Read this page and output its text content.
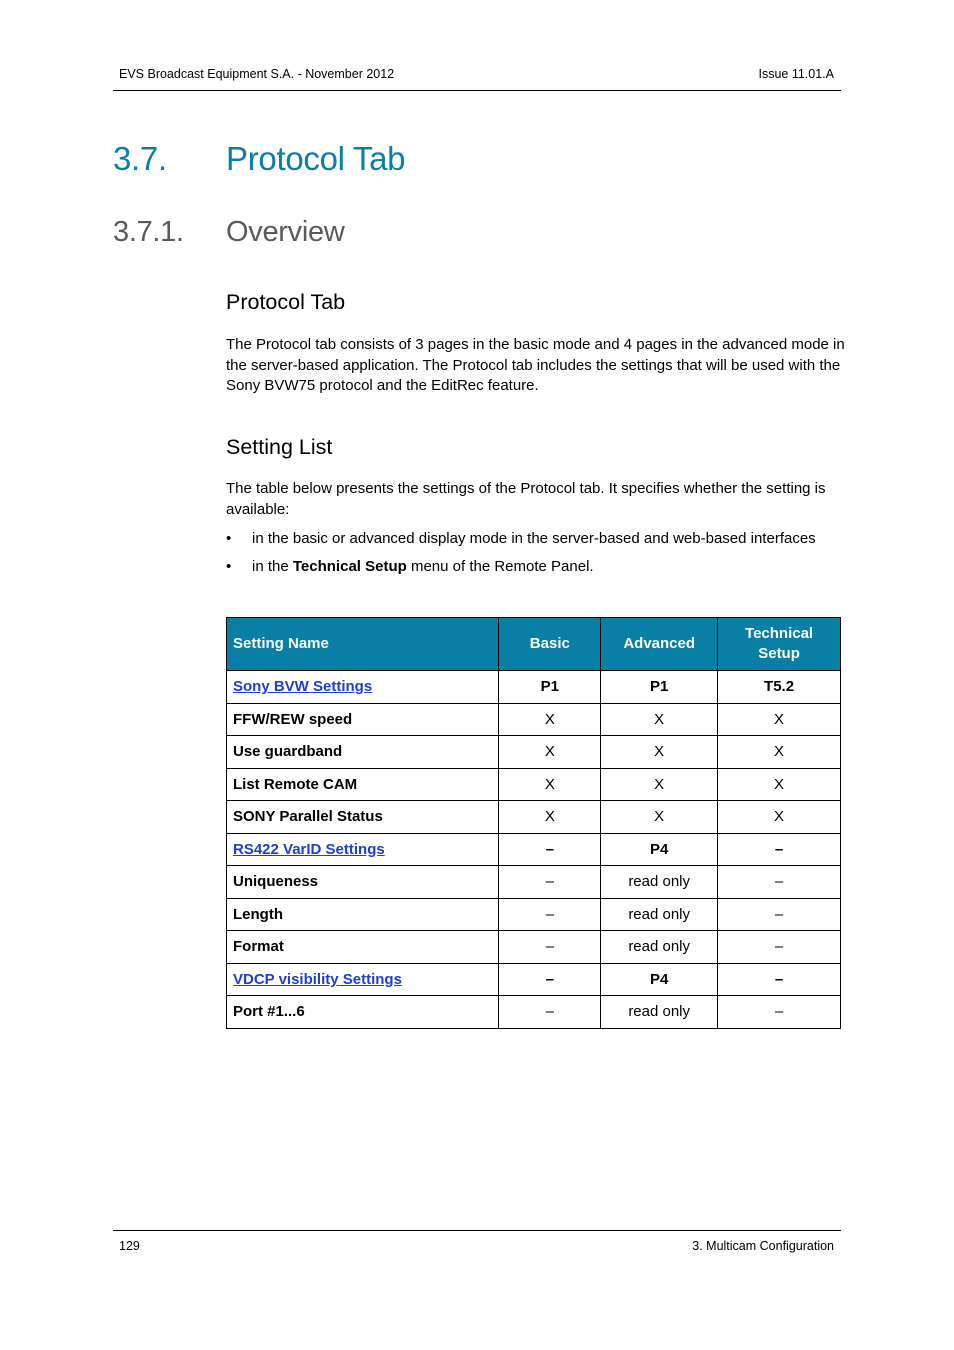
EVS Broadcast Equipment S.A. - November 2012	Issue 11.01.A
3.7. Protocol Tab
3.7.1. Overview
Protocol Tab
The Protocol tab consists of 3 pages in the basic mode and 4 pages in the advanced mode in the server-based application. The Protocol tab includes the settings that will be used with the Sony BVW75 protocol and the EditRec feature.
Setting List
The table below presents the settings of the Protocol tab. It specifies whether the setting is available:
• in the basic or advanced display mode in the server-based and web-based interfaces
• in the Technical Setup menu of the Remote Panel.
Setting Name	Basic	Advanced	Technical
Setup
Sony BVW Settings	P1	P1	T5.2
FFW/REW speed	X	X	X
Use guardband	X	X	X
List Remote CAM	X	X	X
SONY Parallel Status	X	X	X
RS422 VarID Settings	–	P4	–
Uniqueness	–	read only	–
Length	–	read only	–
Format	–	read only	–
VDCP visibility Settings	–	P4	–
Port #1...6	–	read only	–
129	3. Multicam Configuration
